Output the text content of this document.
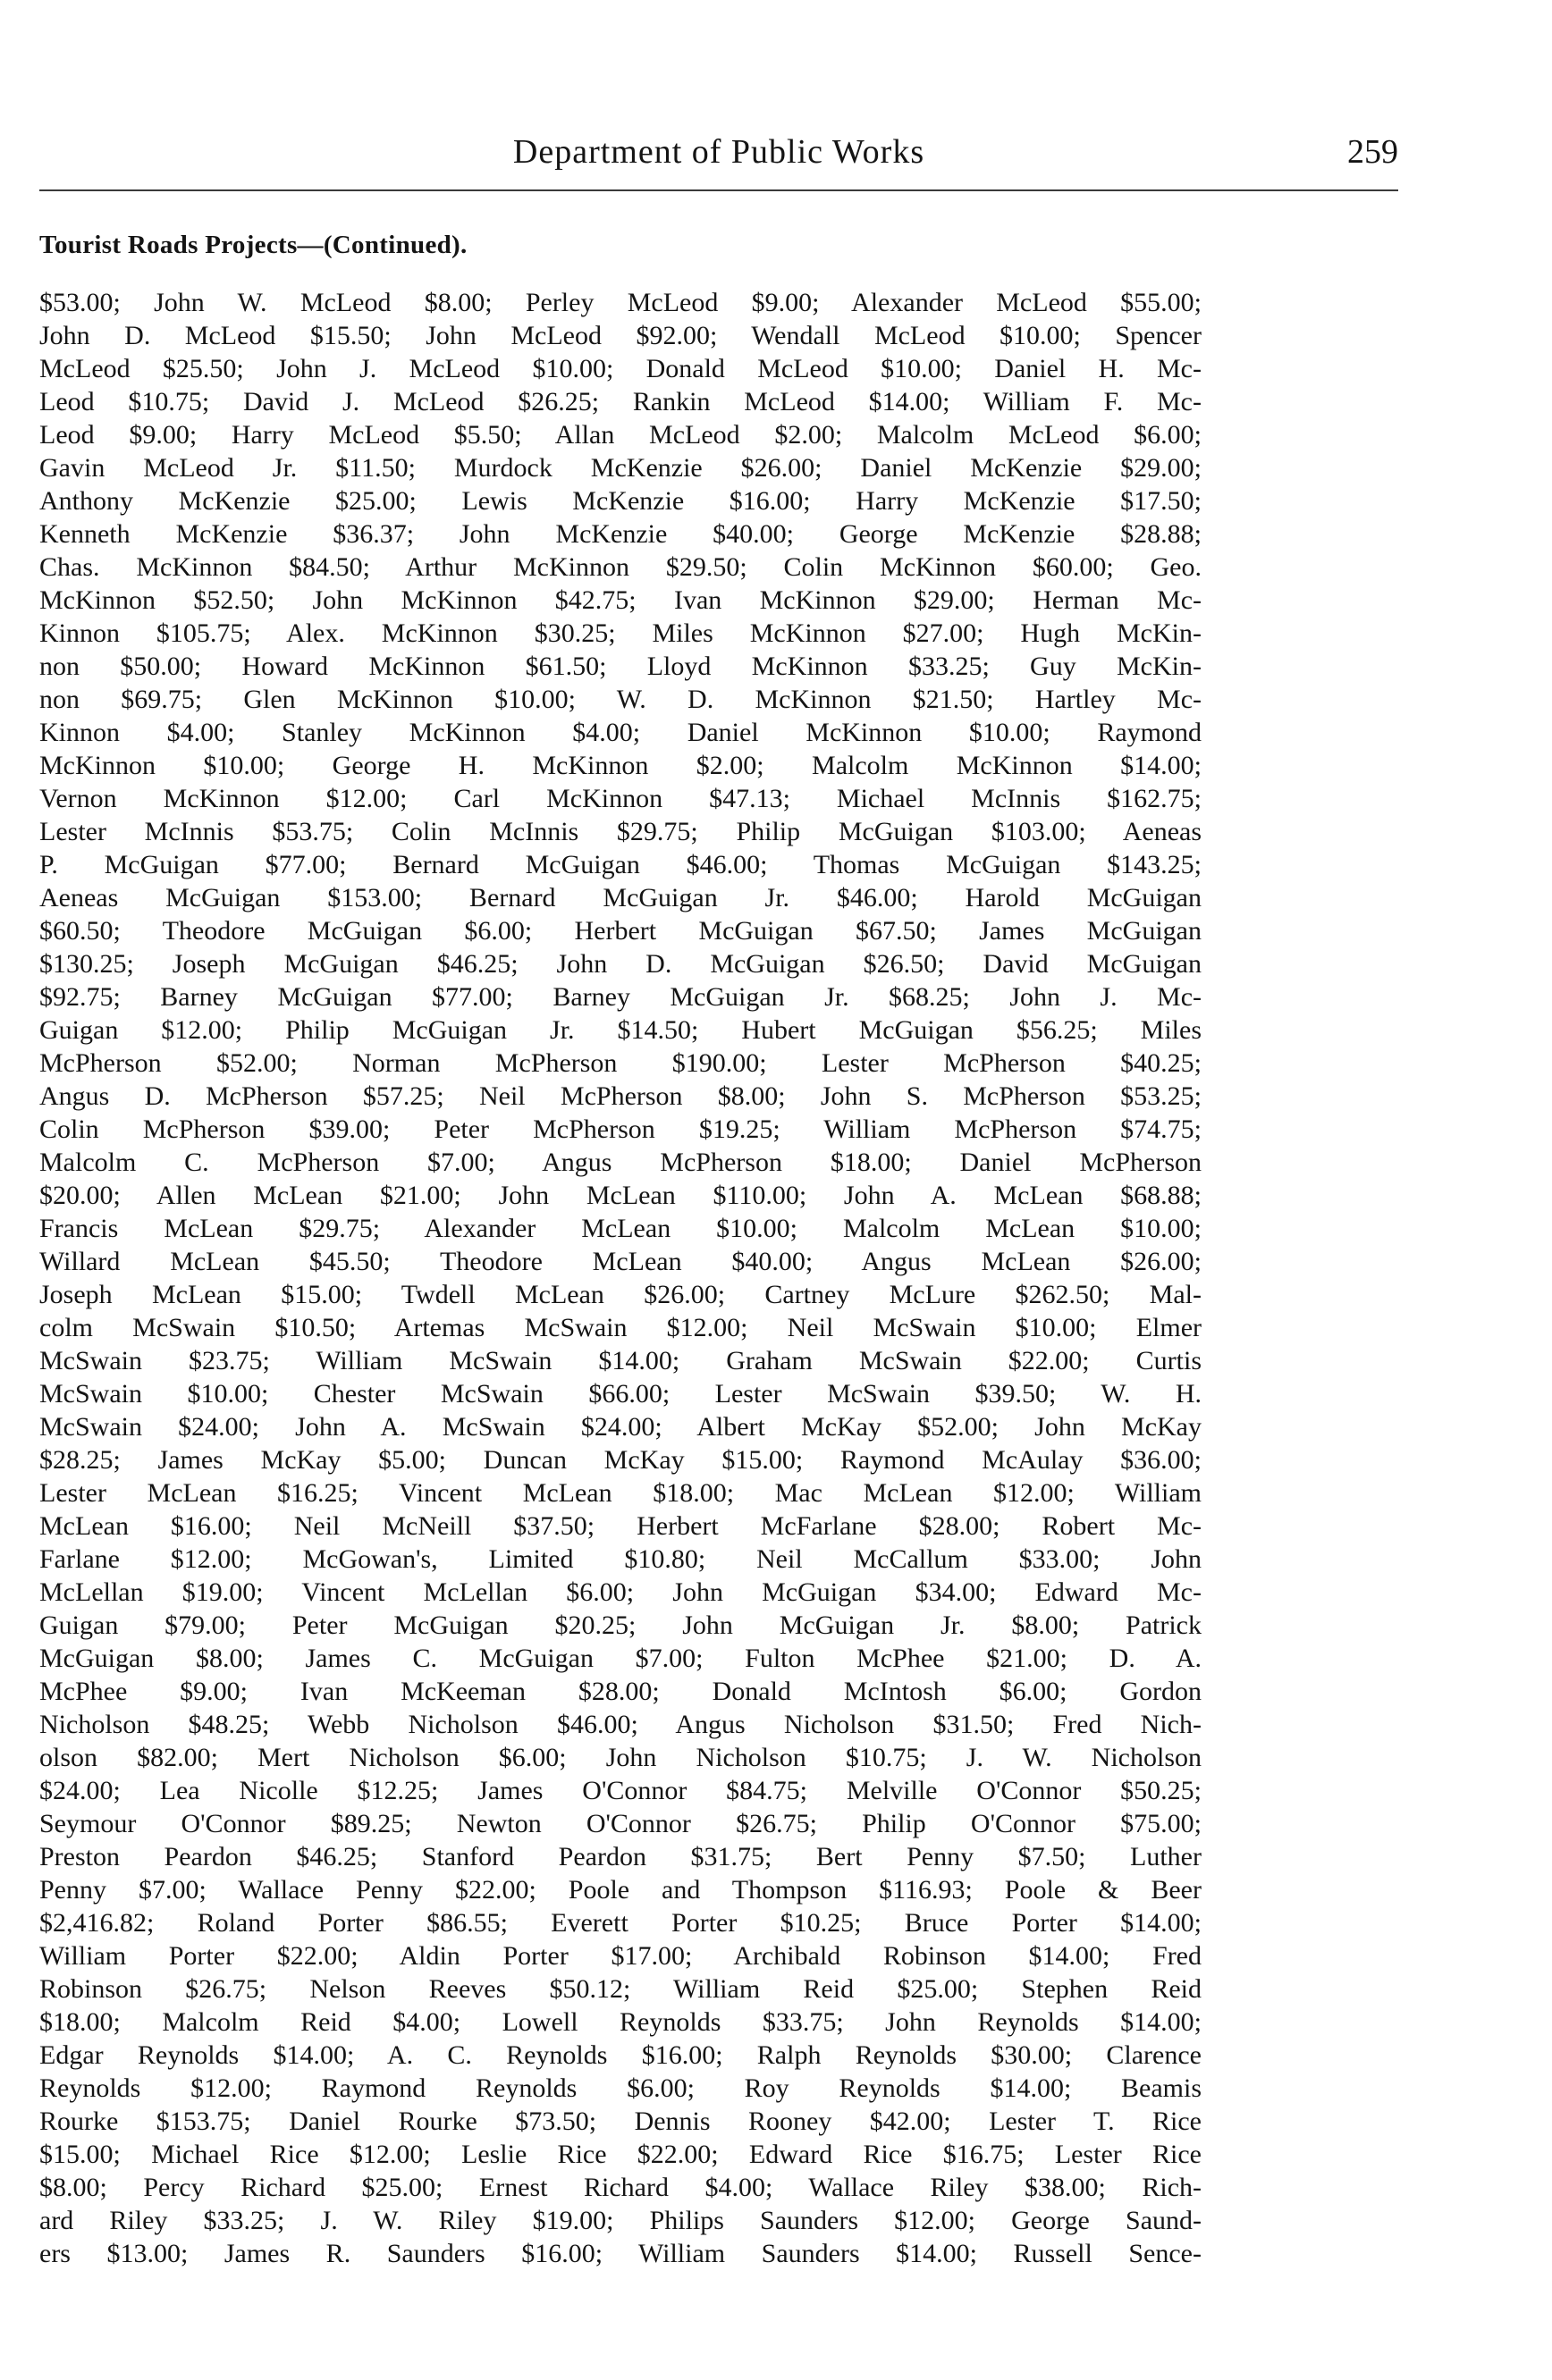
Department of Public Works	259
Tourist Roads Projects—(Continued).
$53.00; John W. McLeod $8.00; Perley McLeod $9.00; Alexander McLeod $55.00;
John D. McLeod $15.50; John McLeod $92.00; Wendall McLeod $10.00; Spencer
McLeod $25.50; John J. McLeod $10.00; Donald McLeod $10.00; Daniel H. Mc-
Leod $10.75; David J. McLeod $26.25; Rankin McLeod $14.00; William F. Mc-
Leod $9.00; Harry McLeod $5.50; Allan McLeod $2.00; Malcolm McLeod $6.00;
Gavin McLeod Jr. $11.50; Murdock McKenzie $26.00; Daniel McKenzie $29.00;
Anthony McKenzie $25.00; Lewis McKenzie $16.00; Harry McKenzie $17.50;
Kenneth McKenzie $36.37; John McKenzie $40.00; George McKenzie $28.88;
Chas. McKinnon $84.50; Arthur McKinnon $29.50; Colin McKinnon $60.00; Geo.
McKinnon $52.50; John McKinnon $42.75; Ivan McKinnon $29.00; Herman Mc-
Kinnon $105.75; Alex. McKinnon $30.25; Miles McKinnon $27.00; Hugh McKin-
non $50.00; Howard McKinnon $61.50; Lloyd McKinnon $33.25; Guy McKin-
non $69.75; Glen McKinnon $10.00; W. D. McKinnon $21.50; Hartley Mc-
Kinnon $4.00; Stanley McKinnon $4.00; Daniel McKinnon $10.00; Raymond
McKinnon $10.00; George H. McKinnon $2.00; Malcolm McKinnon $14.00;
Vernon McKinnon $12.00; Carl McKinnon $47.13; Michael McInnis $162.75;
Lester McInnis $53.75; Colin McInnis $29.75; Philip McGuigan $103.00; Aeneas
P. McGuigan $77.00; Bernard McGuigan $46.00; Thomas McGuigan $143.25;
Aeneas McGuigan $153.00; Bernard McGuigan Jr. $46.00; Harold McGuigan
$60.50; Theodore McGuigan $6.00; Herbert McGuigan $67.50; James McGuigan
$130.25; Joseph McGuigan $46.25; John D. McGuigan $26.50; David McGuigan
$92.75; Barney McGuigan $77.00; Barney McGuigan Jr. $68.25; John J. Mc-
Guigan $12.00; Philip McGuigan Jr. $14.50; Hubert McGuigan $56.25; Miles
McPherson $52.00; Norman McPherson $190.00; Lester McPherson $40.25;
Angus D. McPherson $57.25; Neil McPherson $8.00; John S. McPherson $53.25;
Colin McPherson $39.00; Peter McPherson $19.25; William McPherson $74.75;
Malcolm C. McPherson $7.00; Angus McPherson $18.00; Daniel McPherson
$20.00; Allen McLean $21.00; John McLean $110.00; John A. McLean $68.88;
Francis McLean $29.75; Alexander McLean $10.00; Malcolm McLean $10.00;
Willard McLean $45.50; Theodore McLean $40.00; Angus McLean $26.00;
Joseph McLean $15.00; Twdell McLean $26.00; Cartney McLure $262.50; Mal-
colm McSwain $10.50; Artemas McSwain $12.00; Neil McSwain $10.00; Elmer
McSwain $23.75; William McSwain $14.00; Graham McSwain $22.00; Curtis
McSwain $10.00; Chester McSwain $66.00; Lester McSwain $39.50; W. H.
McSwain $24.00; John A. McSwain $24.00; Albert McKay $52.00; John McKay
$28.25; James McKay $5.00; Duncan McKay $15.00; Raymond McAulay $36.00;
Lester McLean $16.25; Vincent McLean $18.00; Mac McLean $12.00; William
McLean $16.00; Neil McNeill $37.50; Herbert McFarlane $28.00; Robert Mc-
Farlane $12.00; McGowan's, Limited $10.80; Neil McCallum $33.00; John
McLellan $19.00; Vincent McLellan $6.00; John McGuigan $34.00; Edward Mc-
Guigan $79.00; Peter McGuigan $20.25; John McGuigan Jr. $8.00; Patrick
McGuigan $8.00; James C. McGuigan $7.00; Fulton McPhee $21.00; D. A.
McPhee $9.00; Ivan McKeeman $28.00; Donald McIntosh $6.00; Gordon
Nicholson $48.25; Webb Nicholson $46.00; Angus Nicholson $31.50; Fred Nich-
olson $82.00; Mert Nicholson $6.00; John Nicholson $10.75; J. W. Nicholson
$24.00; Lea Nicolle $12.25; James O'Connor $84.75; Melville O'Connor $50.25;
Seymour O'Connor $89.25; Newton O'Connor $26.75; Philip O'Connor $75.00;
Preston Peardon $46.25; Stanford Peardon $31.75; Bert Penny $7.50; Luther
Penny $7.00; Wallace Penny $22.00; Poole and Thompson $116.93; Poole & Beer
$2,416.82; Roland Porter $86.55; Everett Porter $10.25; Bruce Porter $14.00;
William Porter $22.00; Aldin Porter $17.00; Archibald Robinson $14.00; Fred
Robinson $26.75; Nelson Reeves $50.12; William Reid $25.00; Stephen Reid
$18.00; Malcolm Reid $4.00; Lowell Reynolds $33.75; John Reynolds $14.00;
Edgar Reynolds $14.00; A. C. Reynolds $16.00; Ralph Reynolds $30.00; Clarence
Reynolds $12.00; Raymond Reynolds $6.00; Roy Reynolds $14.00; Beamis
Rourke $153.75; Daniel Rourke $73.50; Dennis Rooney $42.00; Lester T. Rice
$15.00; Michael Rice $12.00; Leslie Rice $22.00; Edward Rice $16.75; Lester Rice
$8.00; Percy Richard $25.00; Ernest Richard $4.00; Wallace Riley $38.00; Rich-
ard Riley $33.25; J. W. Riley $19.00; Philips Saunders $12.00; George Saund-
ers $13.00; James R. Saunders $16.00; William Saunders $14.00; Russell Sence-
